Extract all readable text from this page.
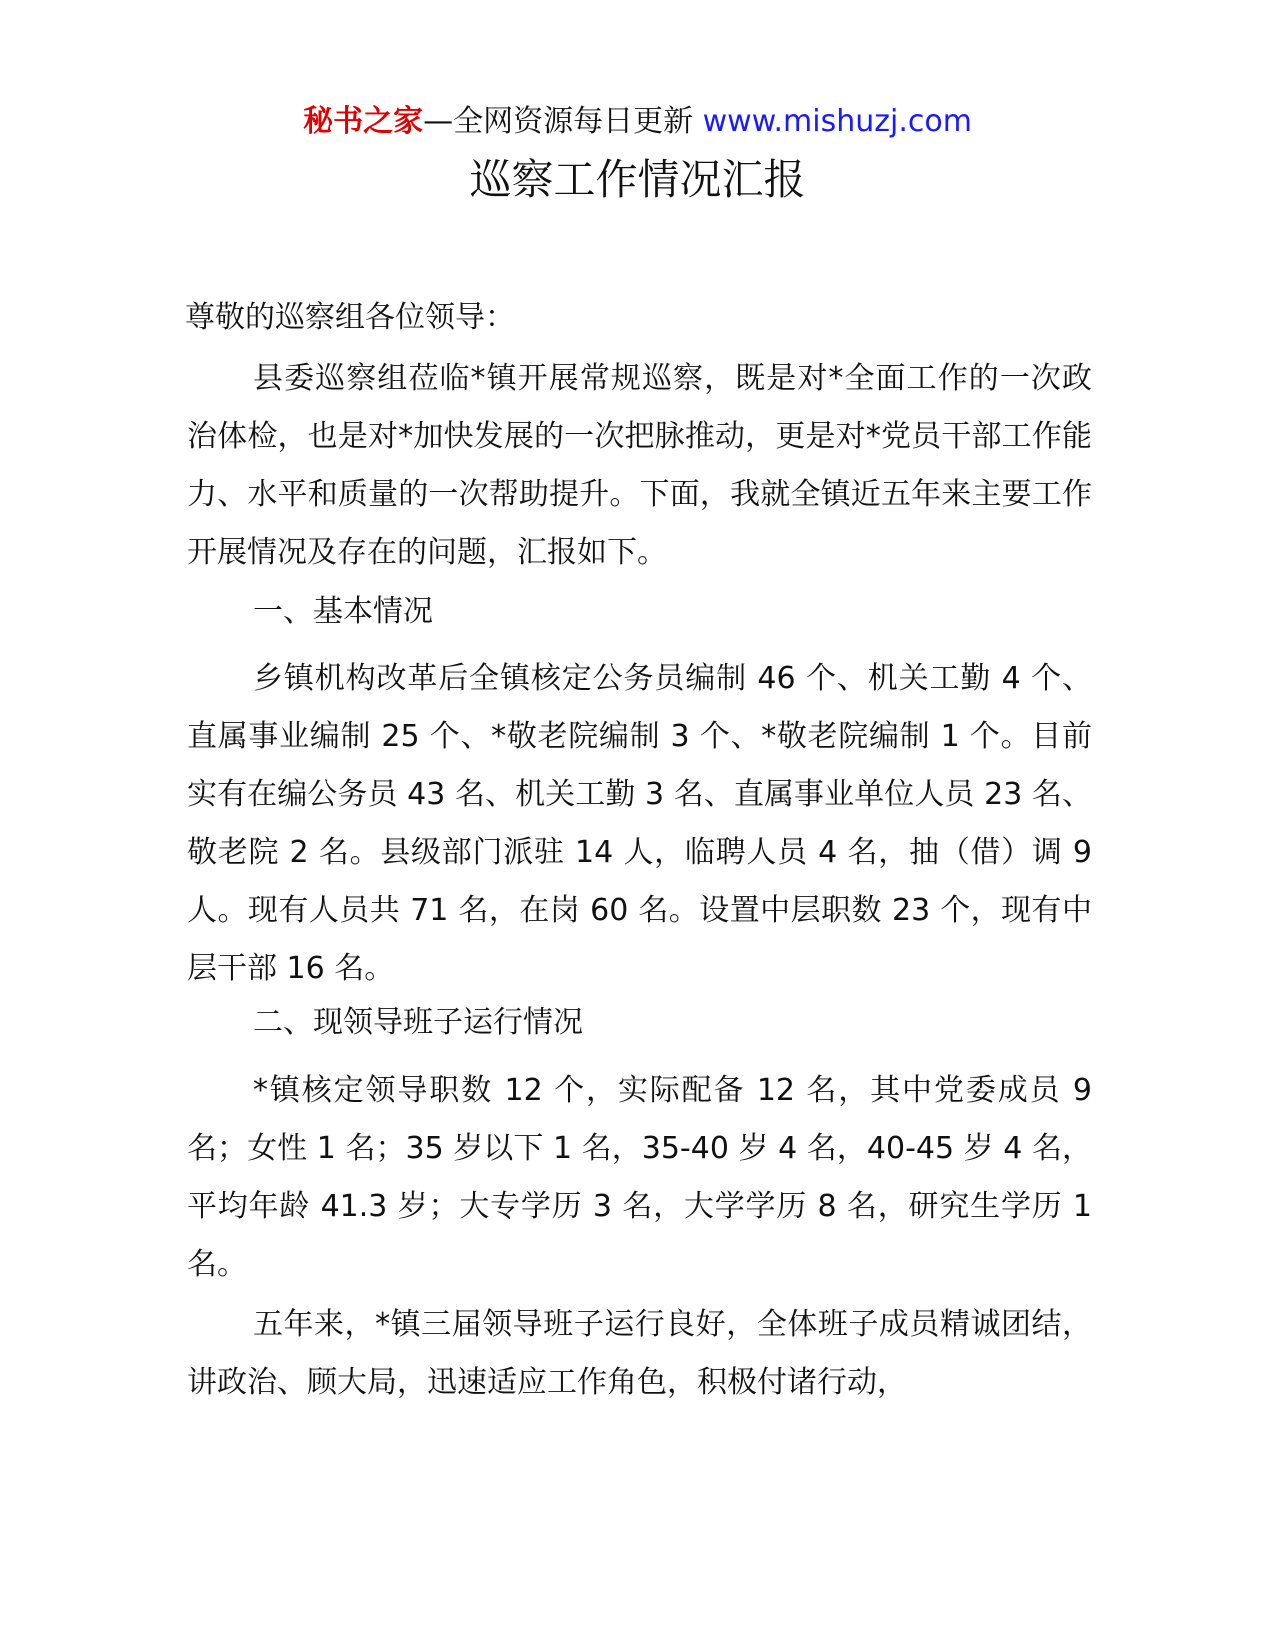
秘书之家—全网资源每日更新 www.mishuzj.com
巡察工作情况汇报
尊敬的巡察组各位领导：

县委巡察组莅临*镇开展常规巡察，既是对*全面工作的一次政治体检，也是对*加快发展的一次把脉推动，更是对*党员干部工作能力、水平和质量的一次帮助提升。下面，我就全镇近五年来主要工作开展情况及存在的问题，汇报如下。

一、基本情况

乡镇机构改革后全镇核定公务员编制 46 个、机关工勤 4 个、直属事业编制 25 个、*敬老院编制 3 个、*敬老院编制 1 个。目前实有在编公务员 43 名、机关工勤 3 名、直属事业单位人员 23 名、敬老院 2 名。县级部门派驻 14 人，临聘人员 4 名，抽（借）调 9 人。现有人员共 71 名，在岗 60 名。设置中层职数 23 个，现有中层干部 16 名。

二、现领导班子运行情况

*镇核定领导职数 12 个，实际配备 12 名，其中党委成员 9 名；女性 1 名；35 岁以下 1 名，35-40 岁 4 名，40-45 岁 4 名，平均年龄 41.3 岁；大专学历 3 名，大学学历 8 名，研究生学历 1 名。

五年来，*镇三届领导班子运行良好，全体班子成员精诚团结，讲政治、顾大局，迅速适应工作角色，积极付诸行动，
